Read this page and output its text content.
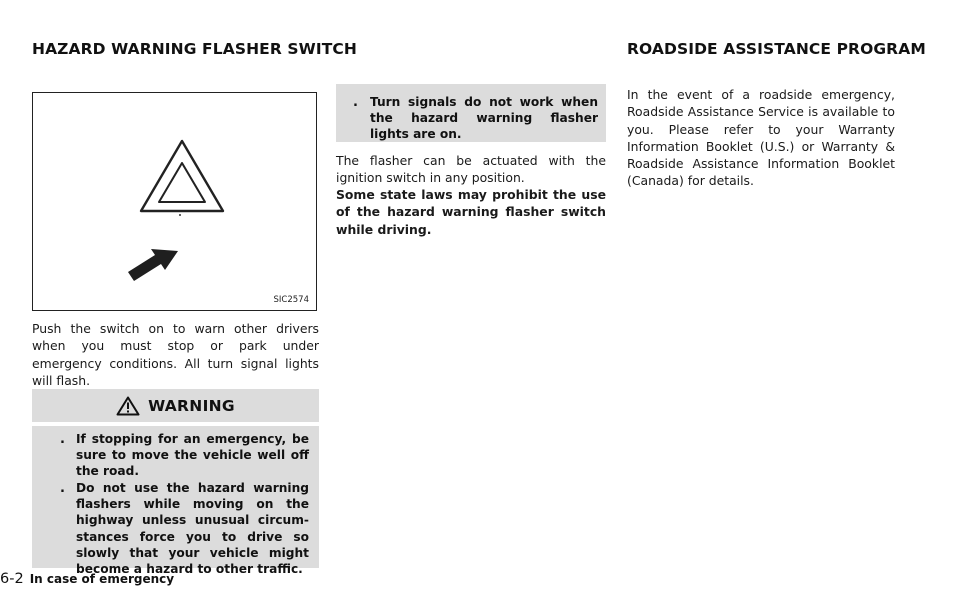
HAZARD WARNING FLASHER SWITCH	ROADSIDE ASSISTANCE PROGRAM
SIC2574

Push the switch on to warn other drivers when you must stop or park under emergency conditions. All turn signal lights will flash.

WARNING
. If stopping for an emergency, be sure to move the vehicle well off the road.

. Do not use the hazard warning flashers while moving on the highway unless unusual circum-stances force you to drive so slowly that your vehicle might become a hazard to other traffic.

. Turn signals do not work when the hazard warning flasher lights are on.

The flasher can be actuated with the ignition switch in any position.

Some state laws may prohibit the use of the hazard warning flasher switch while driving.

In the event of a roadside emergency, Roadside Assistance Service is available to you. Please refer to your Warranty Information Booklet (U.S.) or Warranty & Roadside Assistance Information Booklet (Canada) for details.

6-2 In case of emergency
